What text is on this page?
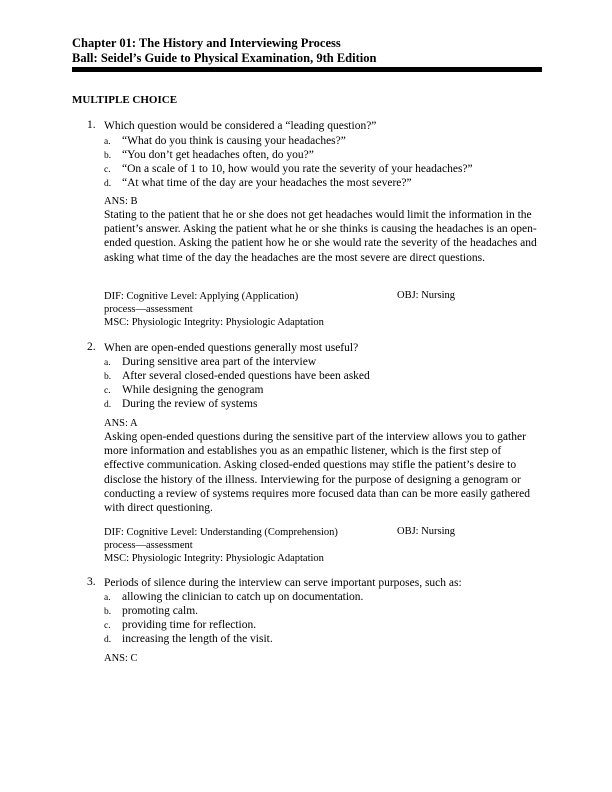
Chapter 01: The History and Interviewing Process
Ball: Seidel’s Guide to Physical Examination, 9th Edition
MULTIPLE CHOICE
1. Which question would be considered a “leading question?”
a. “What do you think is causing your headaches?”
b. “You don’t get headaches often, do you?”
c. “On a scale of 1 to 10, how would you rate the severity of your headaches?”
d. “At what time of the day are your headaches the most severe?”
ANS: B
Stating to the patient that he or she does not get headaches would limit the information in the patient’s answer. Asking the patient what he or she thinks is causing the headaches is an open-ended question. Asking the patient how he or she would rate the severity of the headaches and asking what time of the day the headaches are the most severe are direct questions.
DIF: Cognitive Level: Applying (Application)	OBJ: Nursing
process—assessment
MSC: Physiologic Integrity: Physiologic Adaptation
2. When are open-ended questions generally most useful?
a. During sensitive area part of the interview
b. After several closed-ended questions have been asked
c. While designing the genogram
d. During the review of systems
ANS: A
Asking open-ended questions during the sensitive part of the interview allows you to gather more information and establishes you as an empathic listener, which is the first step of effective communication. Asking closed-ended questions may stifle the patient’s desire to disclose the history of the illness. Interviewing for the purpose of designing a genogram or conducting a review of systems requires more focused data than can be more easily gathered with direct questioning.
DIF: Cognitive Level: Understanding (Comprehension)	OBJ: Nursing
process—assessment
MSC: Physiologic Integrity: Physiologic Adaptation
3. Periods of silence during the interview can serve important purposes, such as:
a. allowing the clinician to catch up on documentation.
b. promoting calm.
c. providing time for reflection.
d. increasing the length of the visit.
ANS: C
